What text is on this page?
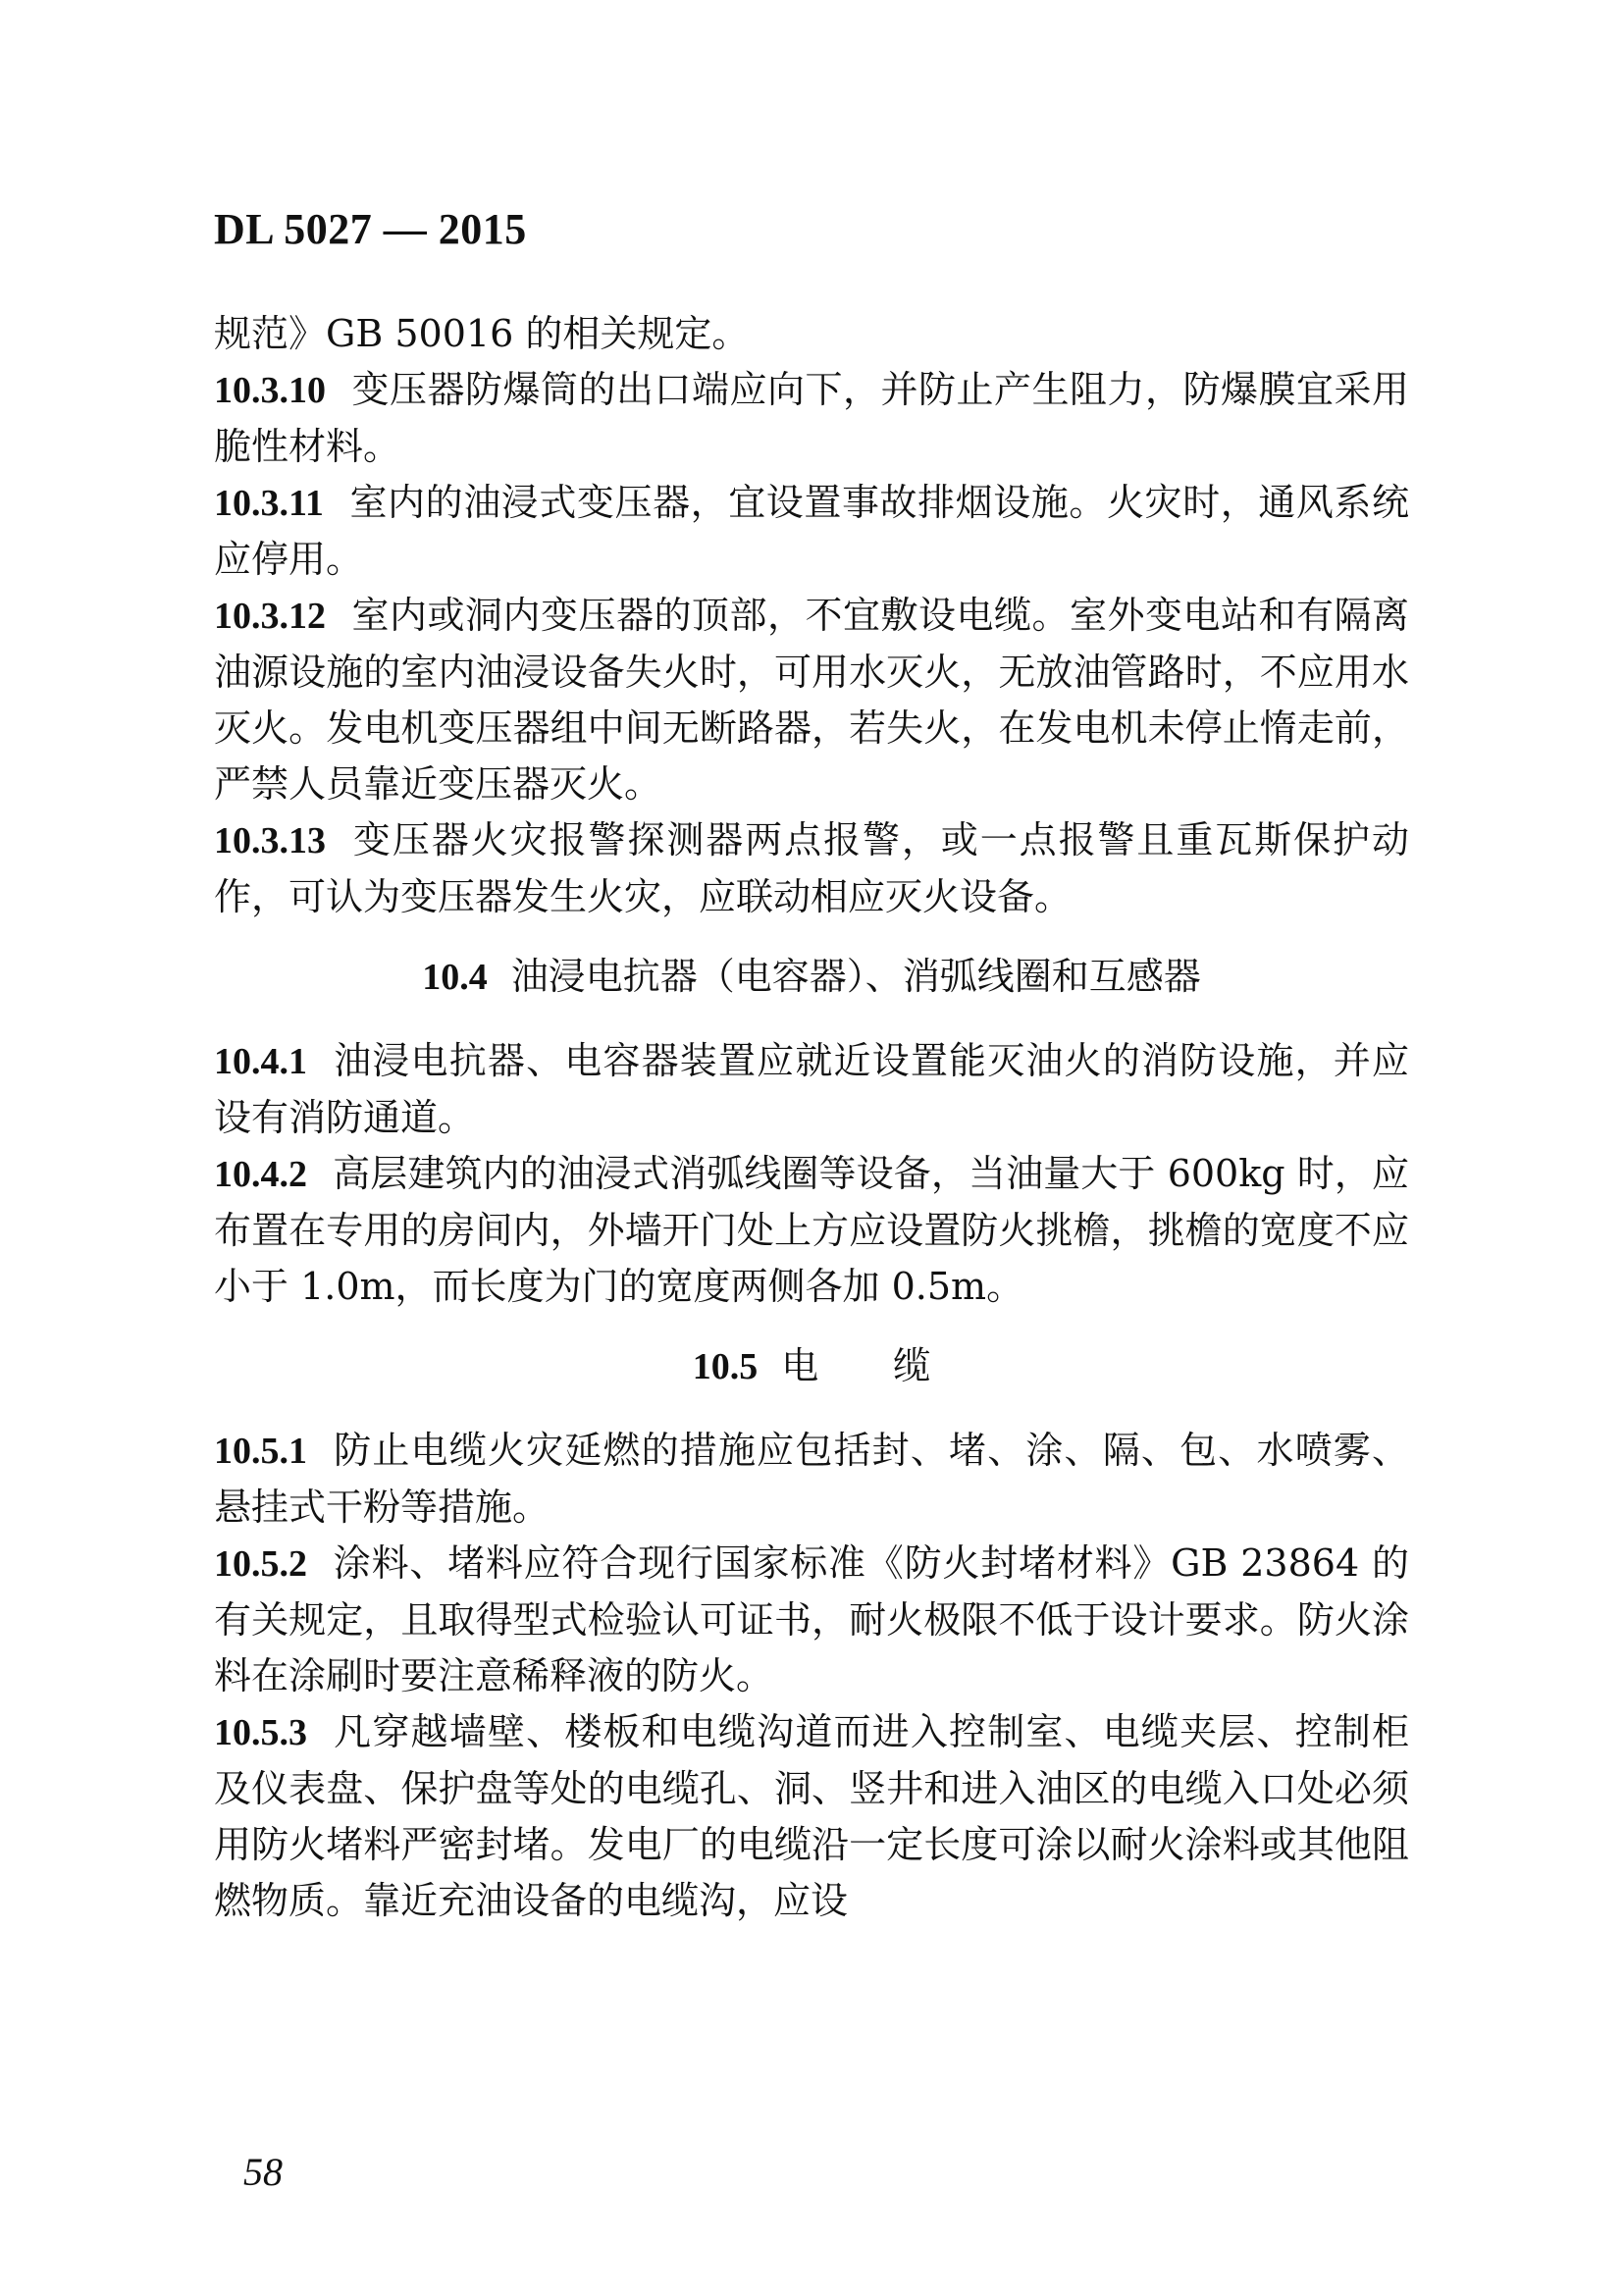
DL 5027 — 2015

规范》GB 50016 的相关规定。

10.3.10 变压器防爆筒的出口端应向下，并防止产生阻力，防爆膜宜采用脆性材料。

10.3.11 室内的油浸式变压器，宜设置事故排烟设施。火灾时，通风系统应停用。

10.3.12 室内或洞内变压器的顶部，不宜敷设电缆。室外变电站和有隔离油源设施的室内油浸设备失火时，可用水灭火，无放油管路时，不应用水灭火。发电机变压器组中间无断路器，若失火，在发电机未停止惰走前，严禁人员靠近变压器灭火。

10.3.13 变压器火灾报警探测器两点报警，或一点报警且重瓦斯保护动作，可认为变压器发生火灾，应联动相应灭火设备。

10.4 油浸电抗器（电容器）、消弧线圈和互感器

10.4.1 油浸电抗器、电容器装置应就近设置能灭油火的消防设施，并应设有消防通道。

10.4.2 高层建筑内的油浸式消弧线圈等设备，当油量大于 600kg 时，应布置在专用的房间内，外墙开门处上方应设置防火挑檐，挑檐的宽度不应小于 1.0m，而长度为门的宽度两侧各加 0.5m。

10.5 电　　缆

10.5.1 防止电缆火灾延燃的措施应包括封、堵、涂、隔、包、水喷雾、悬挂式干粉等措施。

10.5.2 涂料、堵料应符合现行国家标准《防火封堵材料》GB 23864 的有关规定，且取得型式检验认可证书，耐火极限不低于设计要求。防火涂料在涂刷时要注意稀释液的防火。

10.5.3 凡穿越墙壁、楼板和电缆沟道而进入控制室、电缆夹层、控制柜及仪表盘、保护盘等处的电缆孔、洞、竖井和进入油区的电缆入口处必须用防火堵料严密封堵。发电厂的电缆沿一定长度可涂以耐火涂料或其他阻燃物质。靠近充油设备的电缆沟，应设

58
